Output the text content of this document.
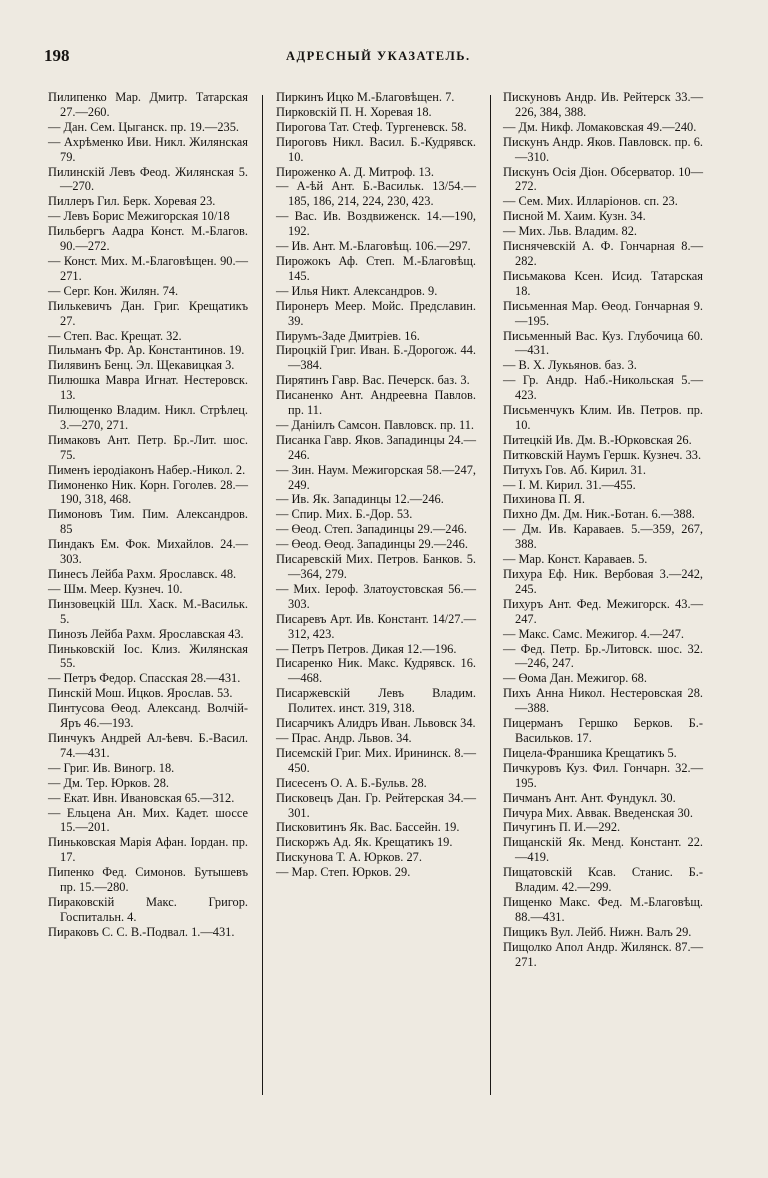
198	АДРЕСНЫЙ УКАЗАТЕЛЬ.

Пилипенко Мар. Дмитр. Татарская 27.—260.

— Дан. Сем. Цыганск. пр. 19.—235.

— Ахрѣменко Иви. Никл. Жилянская 79.

Пилинскій Левъ Феод. Жилянская 5.—270.

Пиллеръ Гил. Берк. Хоревая 23.

— Левъ Борис Межигорская 10/18

Пильбергъ Аадра Конст. М.-Благов. 90.—272.

— Конст. Мих. М.-Благовѣщен. 90.—271.

— Серг. Кон. Жилян. 74.

Пилькевичъ Дан. Григ. Крещатикъ 27.

— Степ. Вас. Крещат. 32.

Пильманъ Фр. Ар. Константинов. 19.

Пилявинъ Бенц. Эл. Щекавицкая 3.

Пилюшка Мавра Игнат. Нестеровск. 13.

Пилющенко Владим. Никл. Стрѣлец. 3.—270, 271.

Пимаковъ Ант. Петр. Бр.-Лит. шос. 75.

Пименъ іеродіаконъ Набер.-Никол. 2.

Пимоненко Ник. Корн. Гоголев. 28.—190, 318, 468.

Пимоновъ Тим. Пим. Александров. 85

Пиндакъ Ем. Фок. Михайлов. 24.—303.

Пинесъ Лейба Рахм. Ярославск. 48.

— Шм. Меер. Кузнеч. 10.

Пинзовецкій Шл. Хаск. М.-Васильк. 5.

Пинозъ Лейба Рахм. Ярославская 43.

Пиньковскій Іос. Клиз. Жилянская 55.

— Петръ Федор. Спасская 28.—431.

Пинскій Мош. Ицков. Ярослав. 53.

Пинтусова Өеод. Александ. Волчій-Яръ 46.—193.

Пинчукъ Андрей Ал-ѣевч. Б.-Васил. 74.—431.

— Григ. Ив. Виногр. 18.

— Дм. Тер. Юрков. 28.

— Екат. Ивн. Ивановская 65.—312.

— Ельцена Ан. Мих. Кадет. шоссе 15.—201.

Пиньковская Марія Афан. Іордан. пр. 17.

Пипенко Фед. Симонов. Бутышевъ пр. 15.—280.

Пираковскій Макс. Григор. Госпитальн. 4.

Пираковъ С. С. В.-Подвал. 1.—431.

Пиркинъ Ицко М.-Благовѣщен. 7.

Пирковскій П. Н. Хоревая 18.

Пирогова Тат. Стеф. Тургеневск. 58.

Пироговъ Никл. Васил. Б.-Кудрявск. 10.

Пироженко А. Д. Митроф. 13.

— А-ѣй Ант. Б.-Васильк. 13/54.—185, 186, 214, 224, 230, 423.

— Вас. Ив. Воздвиженск. 14.—190, 192.

— Ив. Ант. М.-Благовѣщ. 106.—297.

Пирожокъ Аф. Степ. М.-Благовѣщ. 145.

— Илья Никт. Александров. 9.

Пиронеръ Меер. Мойс. Предславин. 39.

Пирумъ-Заде Дмитріев. 16.

Пироцкій Григ. Иван. Б.-Дорогож. 44.—384.

Пирятинъ Гавр. Вас. Печерск. баз. 3.

Писаненко Ант. Андреевна Павлов. пр. 11.

— Даніилъ Самсон. Павловск. пр. 11.

Писанка Гавр. Яков. Западинцы 24.—246.

— Зин. Наум. Межигорская 58.—247, 249.

— Ив. Як. Западинцы 12.—246.

— Спир. Мих. Б.-Дор. 53.

— Өеод. Степ. Западинцы 29.—246.

— Өеод. Өеод. Западинцы 29.—246.

Писаревскій Мих. Петров. Банков. 5.—364, 279.

— Мих. Іероф. Златоустовская 56.—303.

Писаревъ Арт. Ив. Констант. 14/27.—312, 423.

— Петръ Петров. Дикая 12.—196.

Писаренко Ник. Макс. Кудрявск. 16.—468.

Писаржевскій Левъ Владим. Политех. инст. 319, 318.

Писарчикъ Алидръ Иван. Львовск 34.

— Прас. Андр. Львов. 34.

Писемскій Григ. Мих. Ирининск. 8.—450.

Писесенъ О. А. Б.-Бульв. 28.

Писковецъ Дан. Гр. Рейтерская 34.—301.

Писковитинъ Як. Вас. Бассейн. 19.

Пискоржъ Ад. Як. Крещатикъ 19.

Пискунова Т. А. Юрков. 27.

— Мар. Степ. Юрков. 29.

Пискуновъ Андр. Ив. Рейтерск 33.—226, 384, 388.

— Дм. Никф. Ломаковская 49.—240.

Пискунъ Андр. Яков. Павловск. пр. 6.—310.

Пискунъ Осія Діон. Обсерватор. 10—272.

— Сем. Мих. Илларіонов. сп. 23.

Писной М. Хаим. Кузн. 34.

— Мих. Льв. Владим. 82.

Писнячевскій А. Ф. Гончарная 8.—282.

Письмакова Ксен. Исид. Татарская 18.

Письменная Мар. Өеод. Гончарная 9.—195.

Письменный Вас. Куз. Глубочица 60.—431.

— В. Х. Лукьянов. баз. 3.

— Гр. Андр. Наб.-Никольская 5.—423.

Письменчукъ Клим. Ив. Петров. пр. 10.

Питецкій Ив. Дм. В.-Юрковская 26.

Питковскій Наумъ Гершк. Кузнеч. 33.

Питухъ Гов. Аб. Кирил. 31.

— І. М. Кирил. 31.—455.

Пихинова П. Я.

Пихно Дм. Дм. Ник.-Ботан. 6.—388.

— Дм. Ив. Караваев. 5.—359, 267, 388.

— Мар. Конст. Караваев. 5.

Пихура Еф. Ник. Вербовая 3.—242, 245.

Пихуръ Ант. Фед. Межигорск. 43.—247.

— Макс. Самс. Межигор. 4.—247.

— Фед. Петр. Бр.-Литовск. шос. 32.—246, 247.

— Өома Дан. Межигор. 68.

Пихъ Анна Никол. Нестеровская 28.—388.

Пицерманъ Гершко Берков. Б.-Васильков. 17.

Пицела-Франшика Крещатикъ 5.

Пичкуровъ Куз. Фил. Гончарн. 32.—195.

Пичманъ Ант. Ант. Фундукл. 30.

Пичура Мих. Аввак. Введенская 30.

Пичугинъ П. И.—292.

Пищанскій Як. Менд. Констант. 22.—419.

Пищатовскій Ксав. Станис. Б.-Владим. 42.—299.

Пищенко Макс. Фед. М.-Благовѣщ. 88.—431.

Пищикъ Вул. Лейб. Нижн. Валъ 29.

Пищолко Апол Андр. Жилянск. 87.—271.
